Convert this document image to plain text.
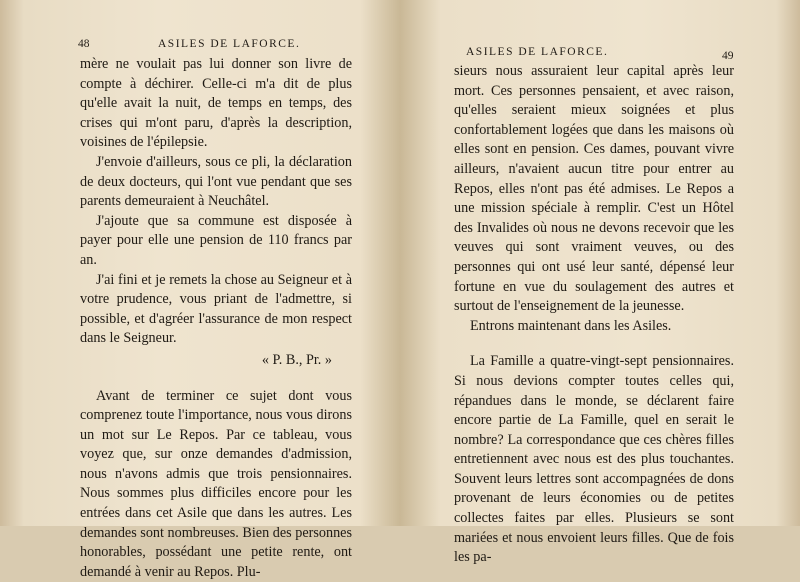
48	ASILES DE LAFORCE.

mère ne voulait pas lui donner son livre de compte à déchirer. Celle-ci m'a dit de plus qu'elle avait la nuit, de temps en temps, des crises qui m'ont paru, d'après la description, voisines de l'épilepsie.

J'envoie d'ailleurs, sous ce pli, la déclaration de deux docteurs, qui l'ont vue pendant que ses parents demeuraient à Neuchâtel.

J'ajoute que sa commune est disposée à payer pour elle une pension de 110 francs par an.

J'ai fini et je remets la chose au Seigneur et à votre prudence, vous priant de l'admettre, si possible, et d'agréer l'assurance de mon respect dans le Seigneur.

« P. B., Pr. »

Avant de terminer ce sujet dont vous comprenez toute l'importance, nous vous dirons un mot sur Le Repos. Par ce tableau, vous voyez que, sur onze demandes d'admission, nous n'avons admis que trois pensionnaires. Nous sommes plus difficiles encore pour les entrées dans cet Asile que dans les autres. Les demandes sont nombreuses. Bien des personnes honorables, possédant une petite rente, ont demandé à venir au Repos. Plu-

ASILES DE LAFORCE.	49

sieurs nous assuraient leur capital après leur mort. Ces personnes pensaient, et avec raison, qu'elles seraient mieux soignées et plus confortablement logées que dans les maisons où elles sont en pension. Ces dames, pouvant vivre ailleurs, n'avaient aucun titre pour entrer au Repos, elles n'ont pas été admises. Le Repos a une mission spéciale à remplir. C'est un Hôtel des Invalides où nous ne devons recevoir que les veuves qui sont vraiment veuves, ou des personnes qui ont usé leur santé, dépensé leur fortune en vue du soulagement des autres et surtout de l'enseignement de la jeunesse.

Entrons maintenant dans les Asiles.

La Famille a quatre-vingt-sept pensionnaires. Si nous devions compter toutes celles qui, répandues dans le monde, se déclarent faire encore partie de La Famille, quel en serait le nombre? La correspondance que ces chères filles entretiennent avec nous est des plus touchantes. Souvent leurs lettres sont accompagnées de dons provenant de leurs économies ou de petites collectes faites par elles. Plusieurs se sont mariées et nous envoient leurs filles. Que de fois les pa-
